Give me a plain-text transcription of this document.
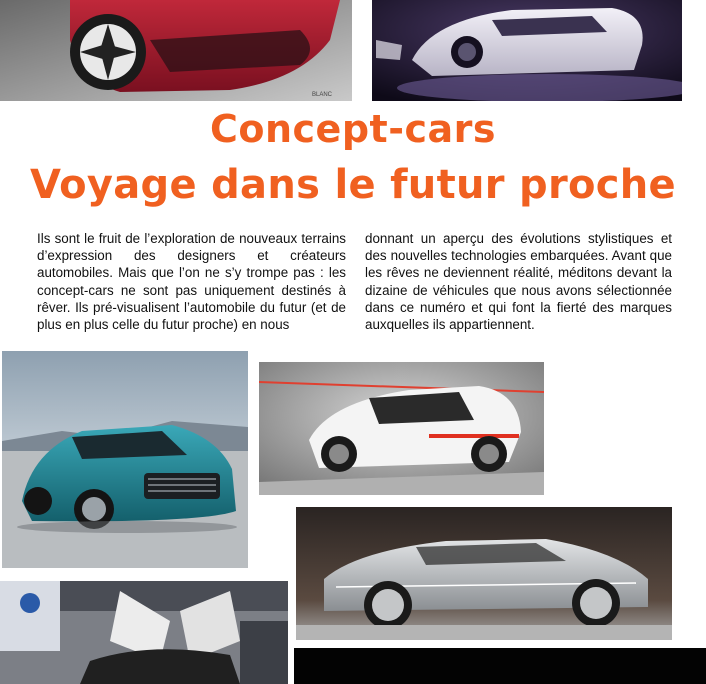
BLANC
Concept-cars
Voyage dans le futur proche

Ils sont le fruit de l’exploration de nouveaux terrains d’expression des designers et créateurs automobiles. Mais que l’on ne s’y trompe pas : les concept-cars ne sont pas uniquement destinés à rêver. Ils pré-visualisent l’automobile du futur (et de plus en plus celle du futur proche) en nous

donnant un aperçu des évolutions stylistiques et des nouvelles technologies embarquées. Avant que les rêves ne deviennent réalité, méditons devant la dizaine de véhicules que nous avons sélectionnée dans ce numéro et qui font la fierté des marques auxquelles ils appartiennent.
